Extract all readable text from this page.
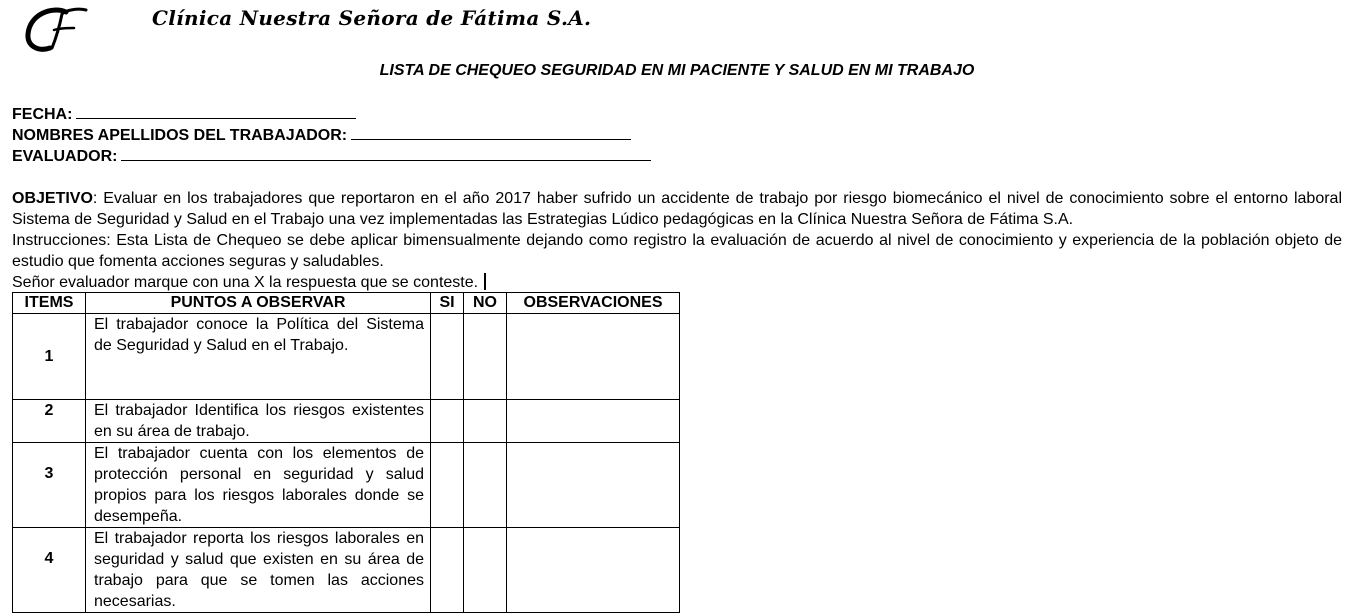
CF
Clínica Nuestra Señora de Fátima S.A.
LISTA DE CHEQUEO SEGURIDAD EN MI PACIENTE Y SALUD EN MI TRABAJO
FECHA:
NOMBRES APELLIDOS DEL TRABAJADOR:
EVALUADOR:
OBJETIVO: Evaluar en los trabajadores que reportaron en el año 2017 haber sufrido un accidente de trabajo por riesgo biomecánico el nivel de conocimiento sobre el entorno laboral Sistema de Seguridad y Salud en el Trabajo una vez implementadas las Estrategias Lúdico pedagógicas en la Clínica Nuestra Señora de Fátima S.A.
Instrucciones: Esta Lista de Chequeo se debe aplicar bimensualmente dejando como registro la evaluación de acuerdo al nivel de conocimiento y experiencia de la población objeto de estudio que fomenta acciones seguras y saludables.
Señor evaluador marque con una X la respuesta que se conteste.
ITEMS	PUNTOS A OBSERVAR	SI	NO	OBSERVACIONES
1	El trabajador conoce la Política del Sistema de Seguridad y Salud en el Trabajo.			
2	El trabajador Identifica los riesgos existentes en su área de trabajo.			
3	El trabajador cuenta con los elementos de protección personal en seguridad y salud propios para los riesgos laborales donde se desempeña.			
4	El trabajador reporta los riesgos laborales en seguridad y salud que existen en su área de trabajo para que se tomen las acciones necesarias.			
